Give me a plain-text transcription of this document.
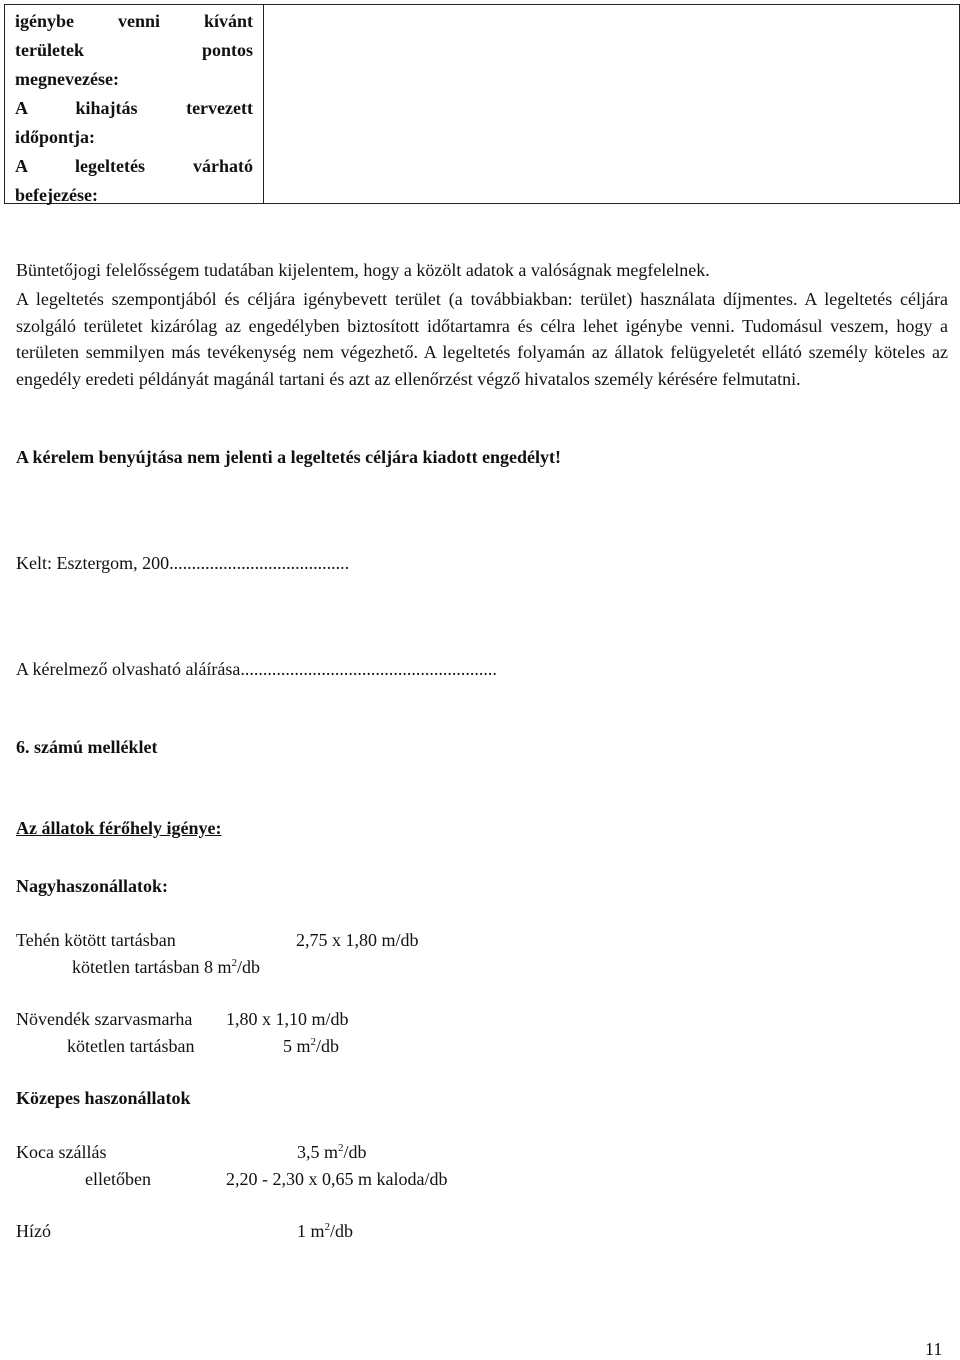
igénybe venni kívánt
területek pontos
megnevezése:
A kihajtás tervezett
időpontja:
A legeltetés várható
befejezése:
Büntetőjogi felelősségem tudatában kijelentem, hogy a közölt adatok a valóságnak megfelelnek.
A legeltetés szempontjából és céljára igénybevett terület (a továbbiakban: terület) használata díjmentes. A legeltetés céljára szolgáló területet kizárólag az engedélyben biztosított időtartamra és célra lehet igénybe venni. Tudomásul veszem, hogy a területen semmilyen más tevékenység nem végezhető. A legeltetés folyamán az állatok felügyeletét ellátó személy köteles az engedély eredeti példányát magánál tartani és azt az ellenőrzést végző hivatalos személy kérésére felmutatni.
A kérelem benyújtása nem jelenti a legeltetés céljára kiadott engedélyt!
Kelt: Esztergom, 200........................................
A kérelmező olvasható aláírása.........................................................
6. számú melléklet
Az állatok férőhely igénye:
Nagyhaszonállatok:
Tehén kötött tartásban	2,75 x 1,80 m/db
kötetlen tartásban 8 $m^2/db$
Növendék szarvasmarha 1,80 x 1,10 m/db
kötetlen tartásban	5 $m^2/db$
Közepes haszonállatok
Koca szállás	3,5 $m^2/db$
elletőben	2,20 - 2,30 x 0,65 m kaloda/db
Hízó	1 $m^2/db$
11
